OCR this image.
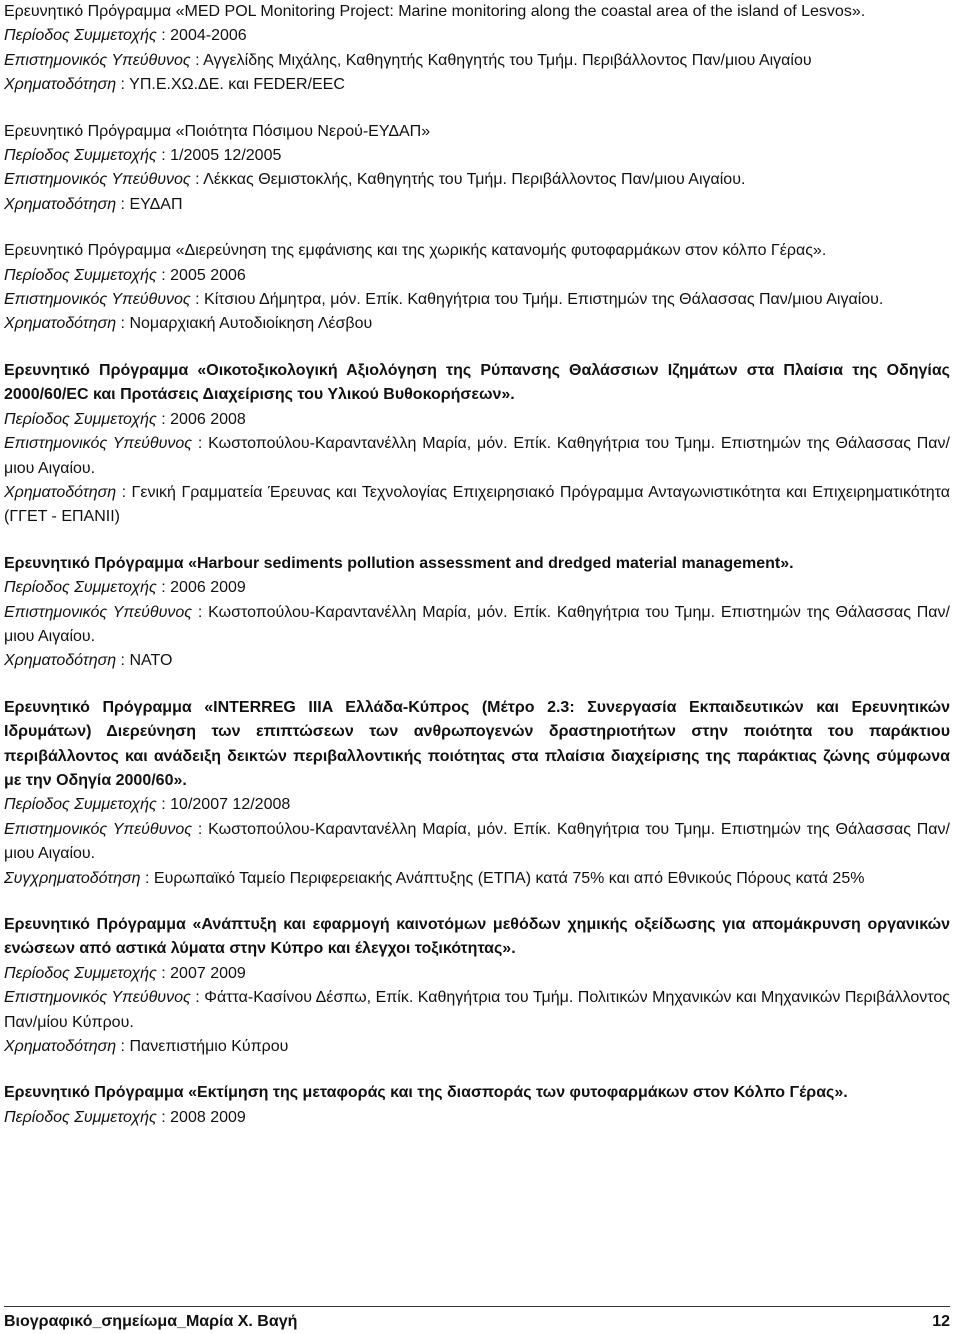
Ερευνητικό Πρόγραμμα «MED POL Monitoring Project: Marine monitoring along the coastal area of the island of Lesvos».
Περίοδος Συμμετοχής : 2004-2006
Επιστημονικός Υπεύθυνος : Αγγελίδης Μιχάλης, Καθηγητής Καθηγητής του Τμήμ. Περιβάλλοντος Παν/μιου Αιγαίου
Χρηματοδότηση : ΥΠ.Ε.ΧΩ.ΔΕ. και FEDER/EEC
Ερευνητικό Πρόγραμμα «Ποιότητα Πόσιμου Νερού-ΕΥΔΑΠ»
Περίοδος Συμμετοχής : 1/2005 12/2005
Επιστημονικός Υπεύθυνος : Λέκκας Θεμιστοκλής, Καθηγητής του Τμήμ. Περιβάλλοντος Παν/μιου Αιγαίου.
Χρηματοδότηση : ΕΥΔΑΠ
Ερευνητικό Πρόγραμμα «Διερεύνηση της εμφάνισης και της χωρικής κατανομής φυτοφαρμάκων στον κόλπο Γέρας».
Περίοδος Συμμετοχής : 2005 2006
Επιστημονικός Υπεύθυνος : Κίτσιου Δήμητρα, μόν. Επίκ. Καθηγήτρια του Τμήμ. Επιστημών της Θάλασσας Παν/μιου Αιγαίου.
Χρηματοδότηση : Νομαρχιακή Αυτοδιοίκηση Λέσβου
Ερευνητικό Πρόγραμμα «Οικοτοξικολογική Αξιολόγηση της Ρύπανσης Θαλάσσιων Ιζημάτων στα Πλαίσια της Οδηγίας 2000/60/EC και Προτάσεις Διαχείρισης του Υλικού Βυθοκορήσεων».
Περίοδος Συμμετοχής : 2006 2008
Επιστημονικός Υπεύθυνος : Κωστοπούλου-Καραντανέλλη Μαρία, μόν. Επίκ. Καθηγήτρια του Τμημ. Επιστημών της Θάλασσας Παν/μιου Αιγαίου.
Χρηματοδότηση : Γενική Γραμματεία Έρευνας και Τεχνολογίας Επιχειρησιακό Πρόγραμμα Ανταγωνιστικότητα και Επιχειρηματικότητα (ΓΓΕΤ - ΕΠΑΝΙΙ)
Ερευνητικό Πρόγραμμα «Harbour sediments pollution assessment and dredged material management».
Περίοδος Συμμετοχής : 2006 2009
Επιστημονικός Υπεύθυνος : Κωστοπούλου-Καραντανέλλη Μαρία, μόν. Επίκ. Καθηγήτρια του Τμημ. Επιστημών της Θάλασσας Παν/μιου Αιγαίου.
Χρηματοδότηση : NATO
Ερευνητικό Πρόγραμμα «INTERREG IIIA Ελλάδα-Κύπρος (Μέτρο 2.3: Συνεργασία Εκπαιδευτικών και Ερευνητικών Ιδρυμάτων) Διερεύνηση των επιπτώσεων των ανθρωπογενών δραστηριοτήτων στην ποιότητα του παράκτιου περιβάλλοντος και ανάδειξη δεικτών περιβαλλοντικής ποιότητας στα πλαίσια διαχείρισης της παράκτιας ζώνης σύμφωνα με την Οδηγία 2000/60».
Περίοδος Συμμετοχής : 10/2007 12/2008
Επιστημονικός Υπεύθυνος : Κωστοπούλου-Καραντανέλλη Μαρία, μόν. Επίκ. Καθηγήτρια του Τμημ. Επιστημών της Θάλασσας Παν/μιου Αιγαίου.
Συγχρηματοδότηση : Ευρωπαϊκό Ταμείο Περιφερειακής Ανάπτυξης (ΕΤΠΑ) κατά 75% και από Εθνικούς Πόρους κατά 25%
Ερευνητικό Πρόγραμμα «Ανάπτυξη και εφαρμογή καινοτόμων μεθόδων χημικής οξείδωσης για απομάκρυνση οργανικών ενώσεων από αστικά λύματα στην Κύπρο και έλεγχοι τοξικότητας».
Περίοδος Συμμετοχής : 2007 2009
Επιστημονικός Υπεύθυνος : Φάττα-Κασίνου Δέσπω, Επίκ. Καθηγήτρια του Τμήμ. Πολιτικών Μηχανικών και Μηχανικών Περιβάλλοντος Παν/μίου Κύπρου.
Χρηματοδότηση : Πανεπιστήμιο Κύπρου
Ερευνητικό Πρόγραμμα «Εκτίμηση της μεταφοράς και της διασποράς των φυτοφαρμάκων στον Κόλπο Γέρας».
Περίοδος Συμμετοχής : 2008 2009
Βιογραφικό_σημείωμα_Μαρία Χ. Βαγή	12
